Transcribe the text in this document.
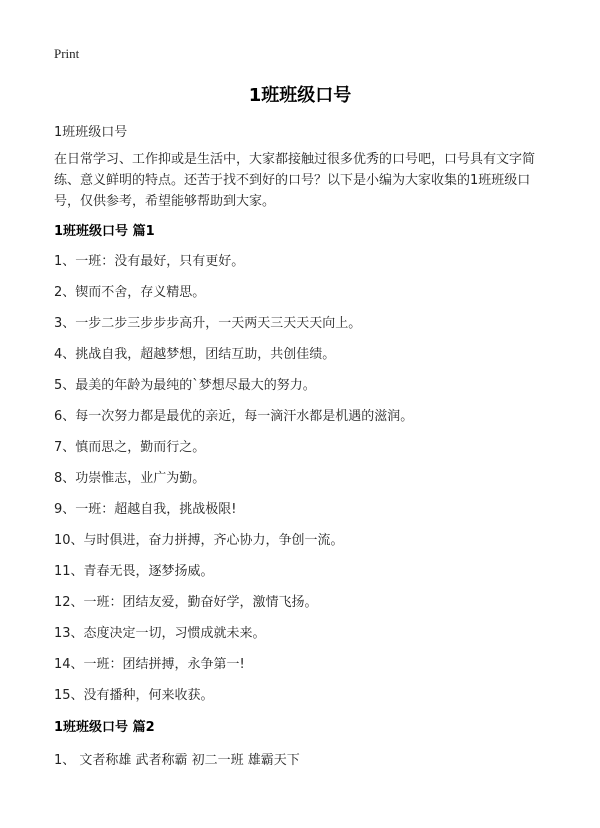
Print
1班班级口号
1班班级口号

在日常学习、工作抑或是生活中，大家都接触过很多优秀的口号吧，口号具有文字简练、意义鲜明的特点。还苦于找不到好的口号？以下是小编为大家收集的1班班级口号，仅供参考，希望能够帮助到大家。

1班班级口号 篇1

1、一班：没有最好，只有更好。

2、锲而不舍，存义精思。

3、一步二步三步步步高升，一天两天三天天天向上。

4、挑战自我，超越梦想，团结互助，共创佳绩。

5、最美的年龄为最纯的`梦想尽最大的努力。

6、每一次努力都是最优的亲近，每一滴汗水都是机遇的滋润。

7、慎而思之，勤而行之。

8、功崇惟志，业广为勤。

9、一班：超越自我，挑战极限!

10、与时俱进，奋力拼搏，齐心协力，争创一流。

11、青春无畏，逐梦扬威。

12、一班：团结友爱，勤奋好学，激情飞扬。

13、态度决定一切，习惯成就未来。

14、一班：团结拼搏，永争第一!

15、没有播种，何来收获。

1班班级口号 篇2

1、 文者称雄 武者称霸 初二一班 雄霸天下
